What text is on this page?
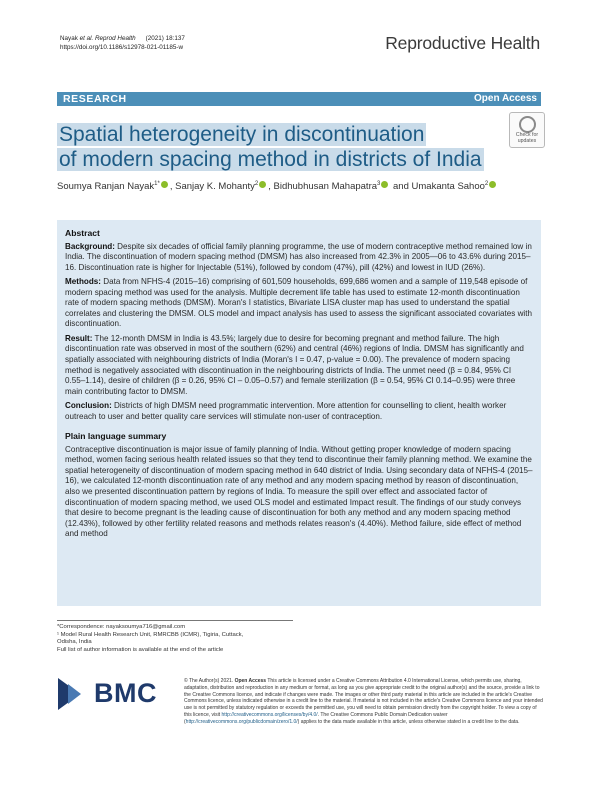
Nayak et al. Reprod Health (2021) 18:137
https://doi.org/10.1186/s12978-021-01185-w	Reproductive Health
RESEARCH	Open Access
Spatial heterogeneity in discontinuation
of modern spacing method in districts of India
Check for
updates
Soumya Ranjan Nayak$^{1*}$ , Sanjay K. Mohanty$^2$ , Bidhubhusan Mahapatra$^3$ and Umakanta Sahoo$^2$
Abstract

Background: Despite six decades of official family planning programme, the use of modern contraceptive method remained low in India. The discontinuation of modern spacing method (DMSM) has also increased from 42.3% in 2005—06 to 43.6% during 2015–16. Discontinuation rate is higher for Injectable (51%), followed by condom (47%), pill (42%) and lowest in IUD (26%).

Methods: Data from NFHS-4 (2015–16) comprising of 601,509 households, 699,686 women and a sample of 119,548 episode of modern spacing method was used for the analysis. Multiple decrement life table has used to estimate 12-month discontinuation rate of modern spacing methods (DMSM). Moran's I statistics, Bivariate LISA cluster map has used to understand the spatial correlates and clustering the DMSM. OLS model and impact analysis has used to assess the significant associated covariates with discontinuation.

Result: The 12-month DMSM in India is 43.5%; largely due to desire for becoming pregnant and method failure. The high discontinuation rate was observed in most of the southern (62%) and central (46%) regions of India. DMSM has significantly and spatially associated with neighbouring districts of India (Moran's I = 0.47, p-value = 0.00). The prevalence of modern spacing method is negatively associated with discontinuation in the neighbouring districts of India. The unmet need (β = 0.84, 95% CI 0.55–1.14), desire of children (β = 0.26, 95% CI – 0.05–0.57) and female sterilization (β = 0.54, 95% CI 0.14–0.95) were three main contributing factor to DMSM.

Conclusion: Districts of high DMSM need programmatic intervention. More attention for counselling to client, health worker outreach to user and better quality care services will stimulate non-user of contraception.

Plain language summary

Contraceptive discontinuation is major issue of family planning of India. Without getting proper knowledge of modern spacing method, women facing serious health related issues so that they tend to discontinue their family planning method. We examine the spatial heterogeneity of discontinuation of modern spacing method in 640 district of India. Using secondary data of NFHS-4 (2015–16), we calculated 12-month discontinuation rate of any method and any modern spacing method by reason of discontinuation, also we presented discontinuation pattern by regions of India. To measure the spill over effect and associated factor of discontinuation of modern spacing method, we used OLS model and estimated Impact result. The findings of our study conveys that desire to become pregnant is the leading cause of discontinuation for both any method and any modern spacing method (12.43%), followed by other fertility related reasons and methods relates reason's (4.40%). Method failure, side effect of method and method

*Correspondence: nayaksoumya716@gmail.com
¹ Model Rural Health Research Unit, RMRCBB (ICMR), Tigiria, Cuttack,
Odisha, India
Full list of author information is available at the end of the article
BMC	© The Author(s) 2021. Open Access This article is licensed under a Creative Commons Attribution 4.0 International License, which permits use, sharing, adaptation, distribution and reproduction in any medium or format, as long as you give appropriate credit to the original author(s) and the source, provide a link to the Creative Commons licence, and indicate if changes were made. The images or other third party material in this article are included in the article's Creative Commons licence, unless indicated otherwise in a credit line to the material. If material is not included in the article's Creative Commons licence and your intended use is not permitted by statutory regulation or exceeds the permitted use, you will need to obtain permission directly from the copyright holder. To view a copy of this licence, visit http://creativecommons.org/licenses/by/4.0/. The Creative Commons Public Domain Dedication waiver (http://creativecommons.org/publicdomain/zero/1.0/) applies to the data made available in this article, unless otherwise stated in a credit line to the data.
